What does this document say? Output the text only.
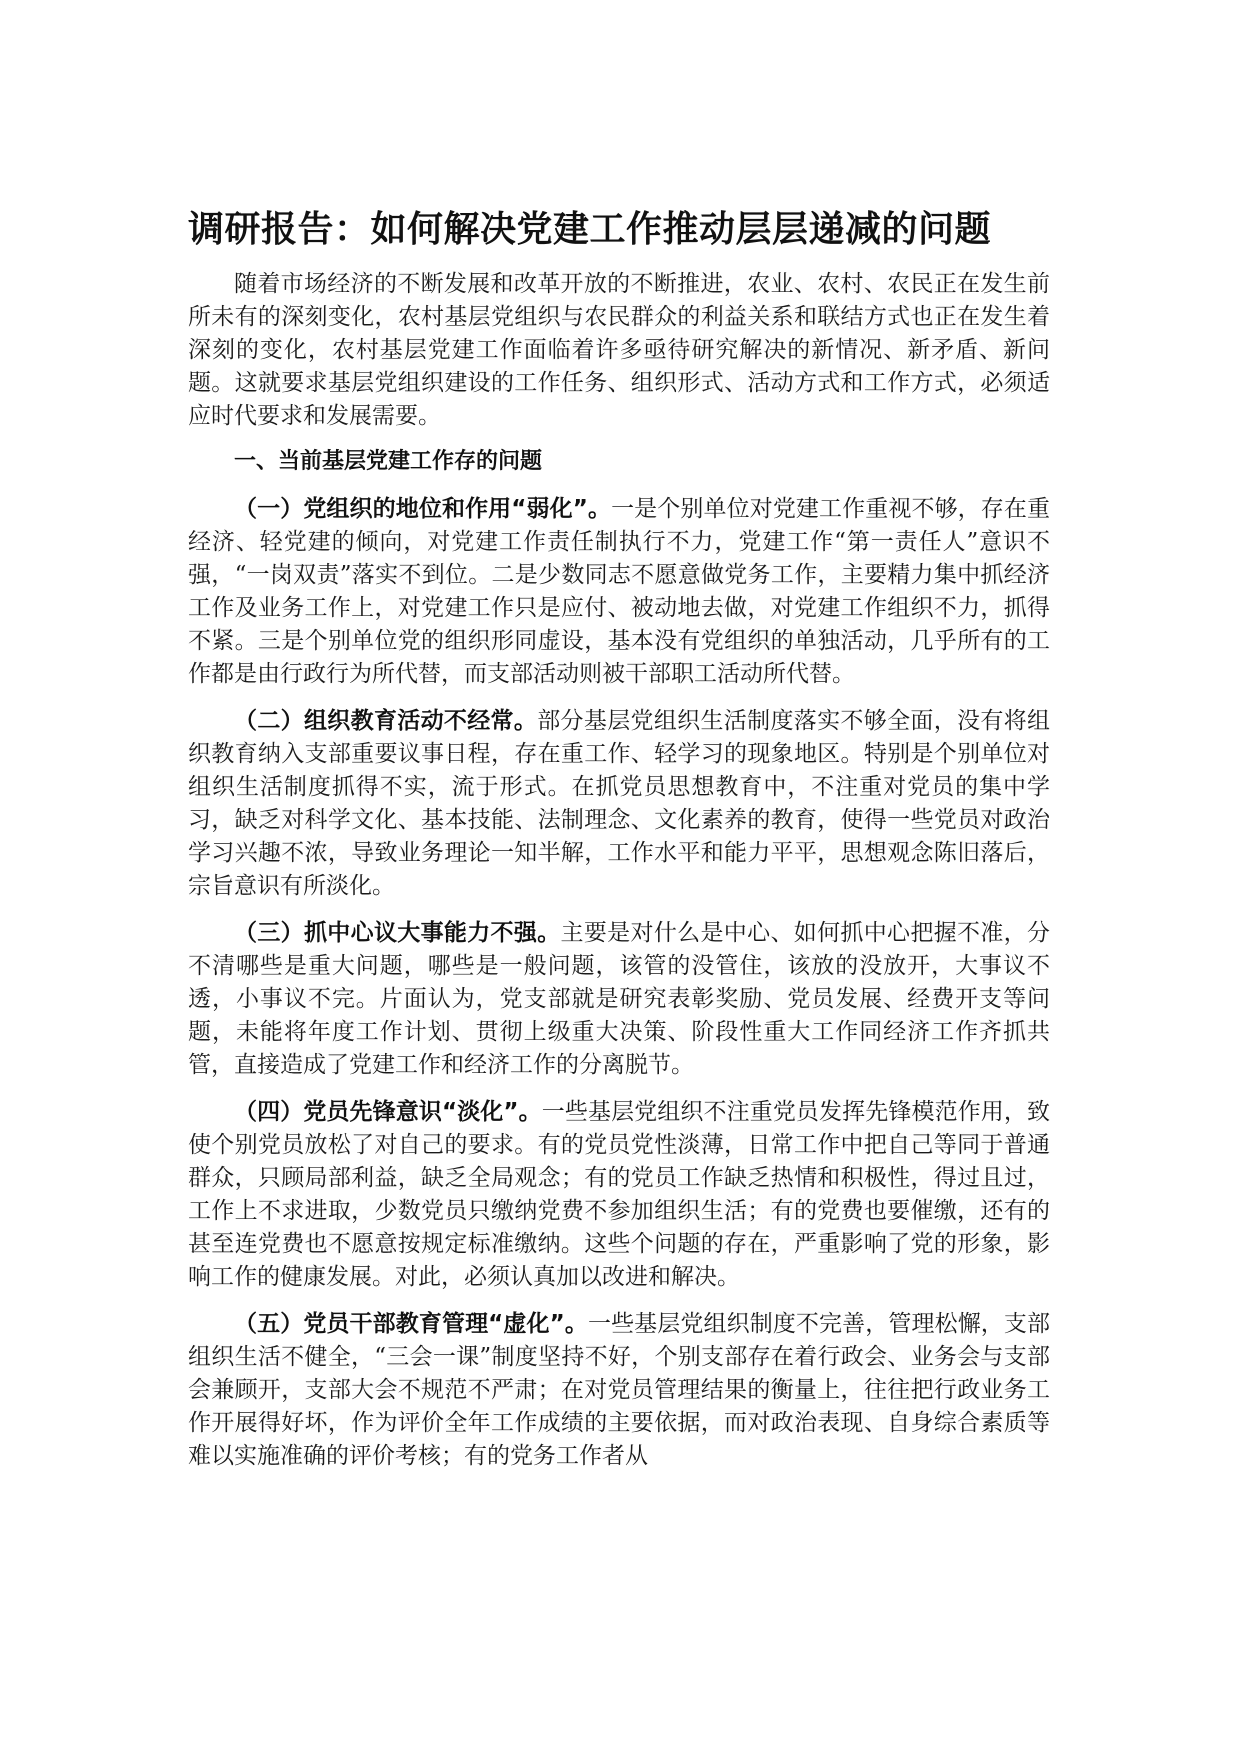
调研报告：如何解决党建工作推动层层递减的问题

随着市场经济的不断发展和改革开放的不断推进，农业、农村、农民正在发生前所未有的深刻变化，农村基层党组织与农民群众的利益关系和联结方式也正在发生着深刻的变化，农村基层党建工作面临着许多亟待研究解决的新情况、新矛盾、新问题。这就要求基层党组织建设的工作任务、组织形式、活动方式和工作方式，必须适应时代要求和发展需要。

一、当前基层党建工作存的问题

（一）党组织的地位和作用“弱化”。一是个别单位对党建工作重视不够，存在重经济、轻党建的倾向，对党建工作责任制执行不力，党建工作“第一责任人”意识不强，“一岗双责”落实不到位。二是少数同志不愿意做党务工作，主要精力集中抓经济工作及业务工作上，对党建工作只是应付、被动地去做，对党建工作组织不力，抓得不紧。三是个别单位党的组织形同虚设，基本没有党组织的单独活动，几乎所有的工作都是由行政行为所代替，而支部活动则被干部职工活动所代替。

（二）组织教育活动不经常。部分基层党组织生活制度落实不够全面，没有将组织教育纳入支部重要议事日程，存在重工作、轻学习的现象地区。特别是个别单位对组织生活制度抓得不实，流于形式。在抓党员思想教育中，不注重对党员的集中学习，缺乏对科学文化、基本技能、法制理念、文化素养的教育，使得一些党员对政治学习兴趣不浓，导致业务理论一知半解，工作水平和能力平平，思想观念陈旧落后，宗旨意识有所淡化。

（三）抓中心议大事能力不强。主要是对什么是中心、如何抓中心把握不准，分不清哪些是重大问题，哪些是一般问题，该管的没管住，该放的没放开，大事议不透，小事议不完。片面认为，党支部就是研究表彰奖励、党员发展、经费开支等问题，未能将年度工作计划、贯彻上级重大决策、阶段性重大工作同经济工作齐抓共管，直接造成了党建工作和经济工作的分离脱节。

（四）党员先锋意识“淡化”。一些基层党组织不注重党员发挥先锋模范作用，致使个别党员放松了对自己的要求。有的党员党性淡薄，日常工作中把自己等同于普通群众，只顾局部利益，缺乏全局观念；有的党员工作缺乏热情和积极性，得过且过，工作上不求进取，少数党员只缴纳党费不参加组织生活；有的党费也要催缴，还有的甚至连党费也不愿意按规定标准缴纳。这些个问题的存在，严重影响了党的形象，影响工作的健康发展。对此，必须认真加以改进和解决。

（五）党员干部教育管理“虚化”。一些基层党组织制度不完善，管理松懈，支部组织生活不健全，“三会一课”制度坚持不好，个别支部存在着行政会、业务会与支部会兼顾开，支部大会不规范不严肃；在对党员管理结果的衡量上，往往把行政业务工作开展得好坏，作为评价全年工作成绩的主要依据，而对政治表现、自身综合素质等难以实施准确的评价考核；有的党务工作者从
